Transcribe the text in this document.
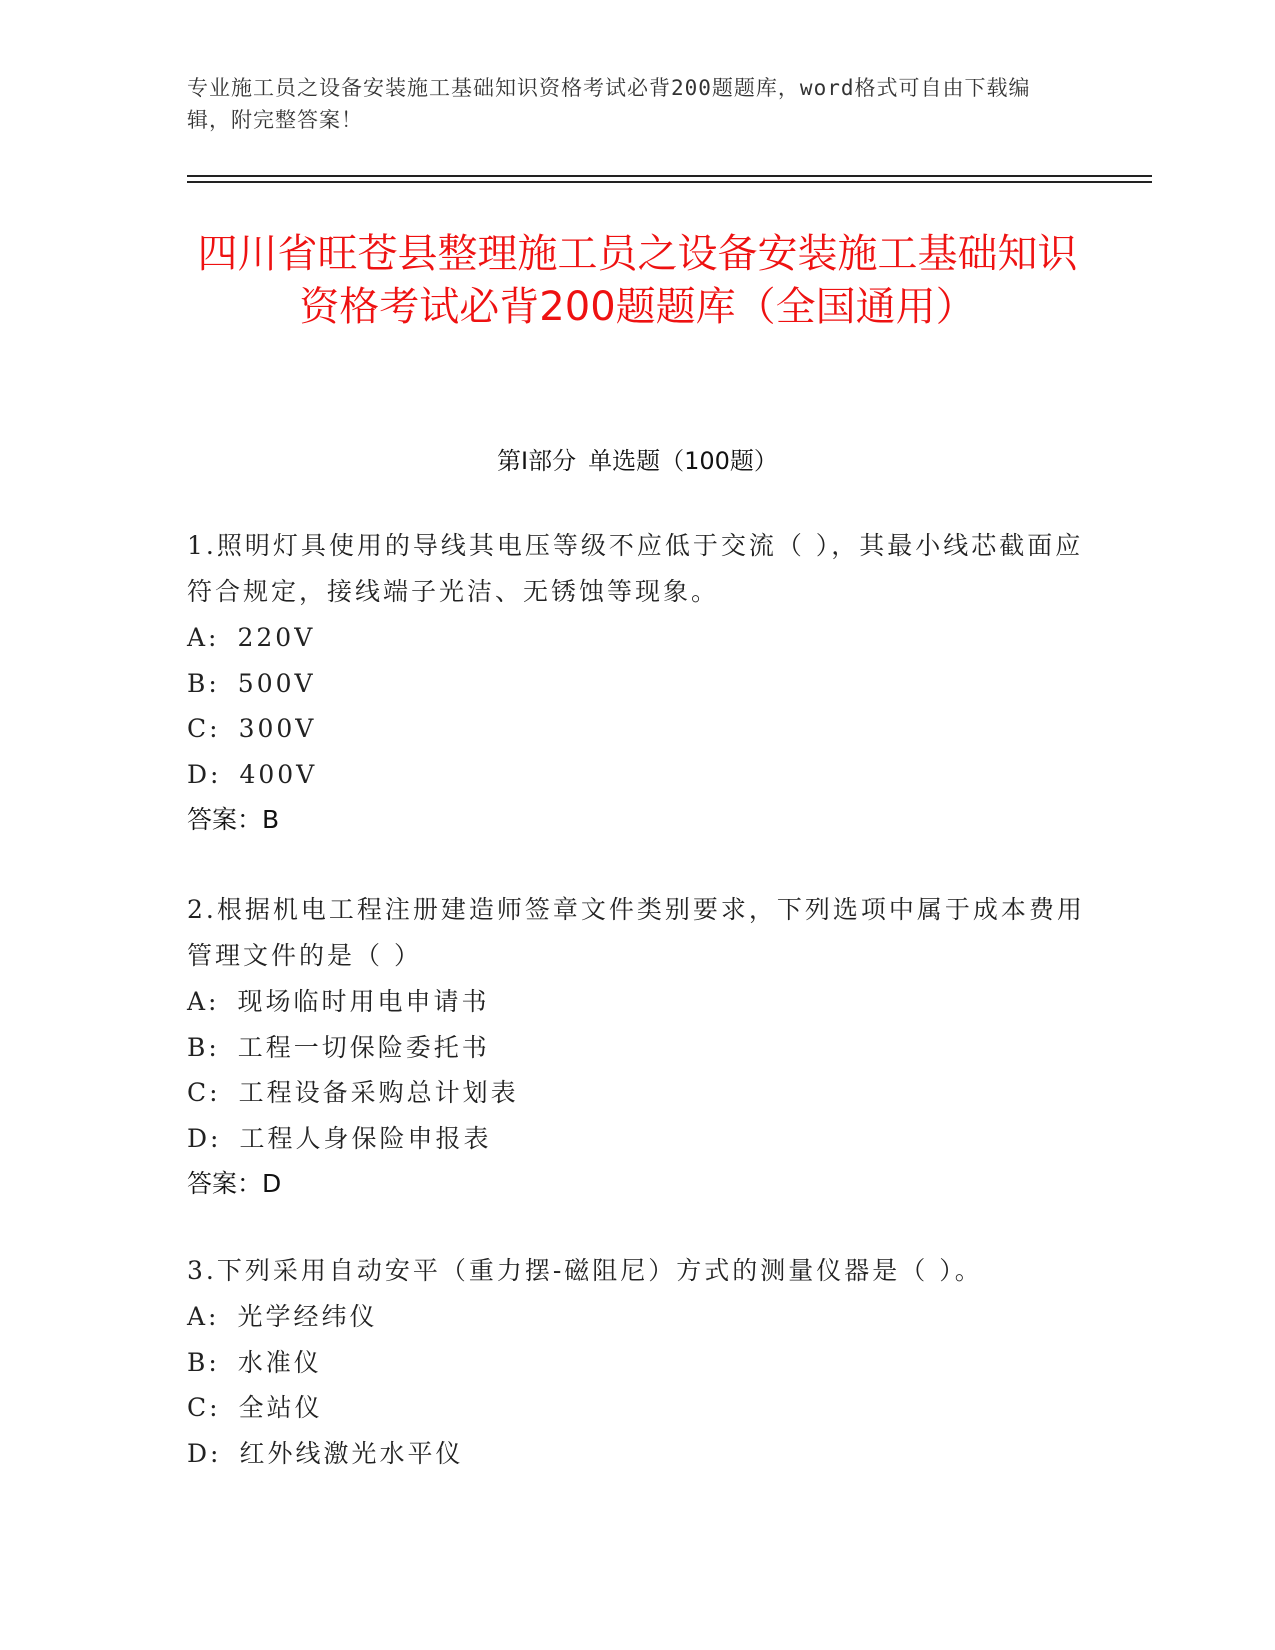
专业施工员之设备安装施工基础知识资格考试必背200题题库，word格式可自由下载编辑，附完整答案！
四川省旺苍县整理施工员之设备安装施工基础知识资格考试必背200题题库（全国通用）
第Ⅰ部分 单选题（100题）

1.照明灯具使用的导线其电压等级不应低于交流（ ），其最小线芯截面应符合规定，接线端子光洁、无锈蚀等现象。

A: 220V

B: 500V

C: 300V

D: 400V

答案：B

2.根据机电工程注册建造师签章文件类别要求，下列选项中属于成本费用管理文件的是（ ）

A: 现场临时用电申请书

B: 工程一切保险委托书

C: 工程设备采购总计划表

D: 工程人身保险申报表

答案：D

3.下列采用自动安平（重力摆-磁阻尼）方式的测量仪器是（ ）。

A: 光学经纬仪

B: 水准仪

C: 全站仪

D: 红外线激光水平仪
